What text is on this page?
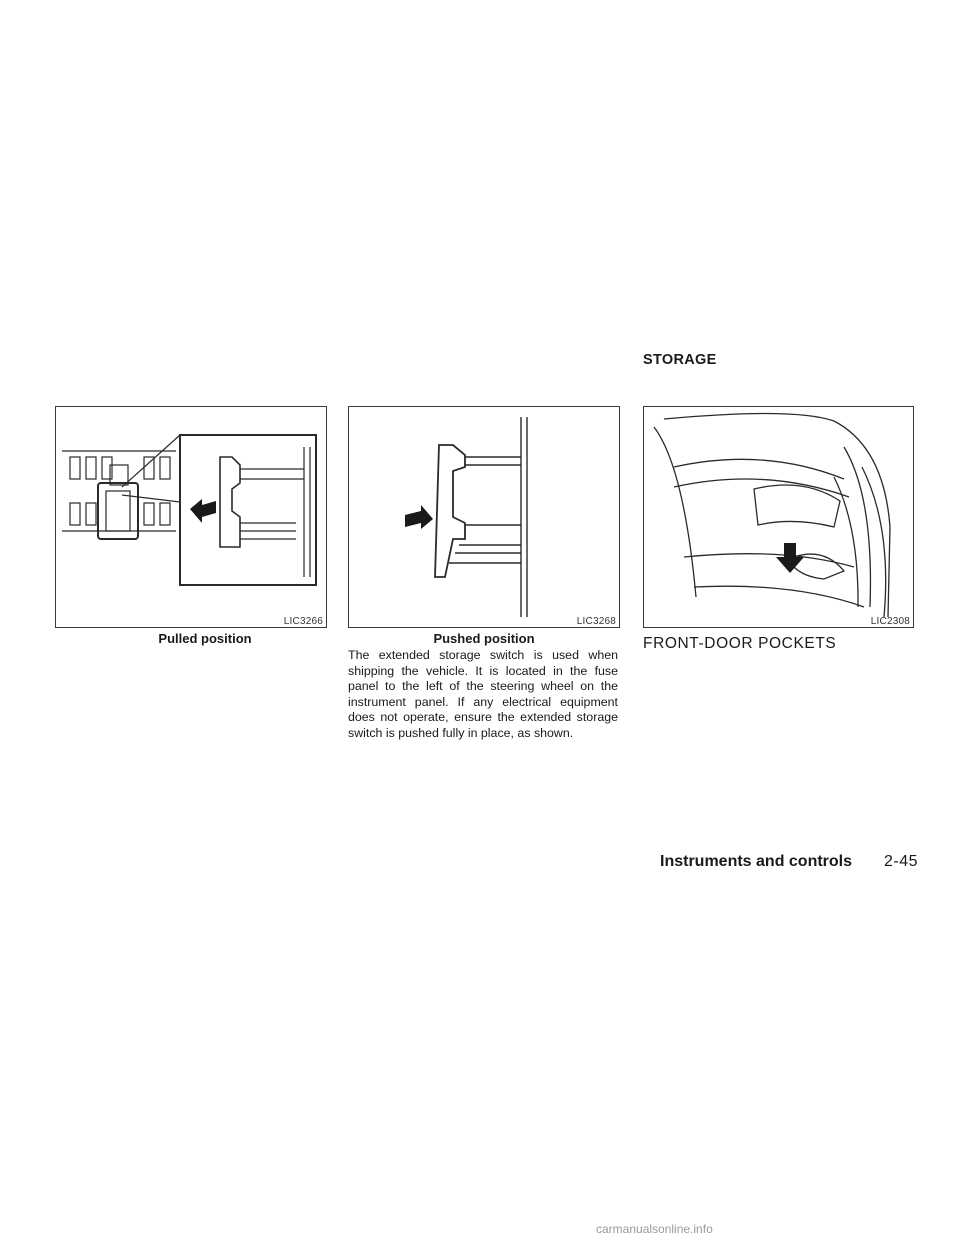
STORAGE
LIC3266
Pulled position
LIC3268
Pushed position
The extended storage switch is used when shipping the vehicle. It is located in the fuse panel to the left of the steering wheel on the instrument panel. If any electrical equipment does not operate, ensure the extended storage switch is pushed fully in place, as shown.
LIC2308
FRONT-DOOR POCKETS
Instruments and controls 2-45
carmanualsonline.info
